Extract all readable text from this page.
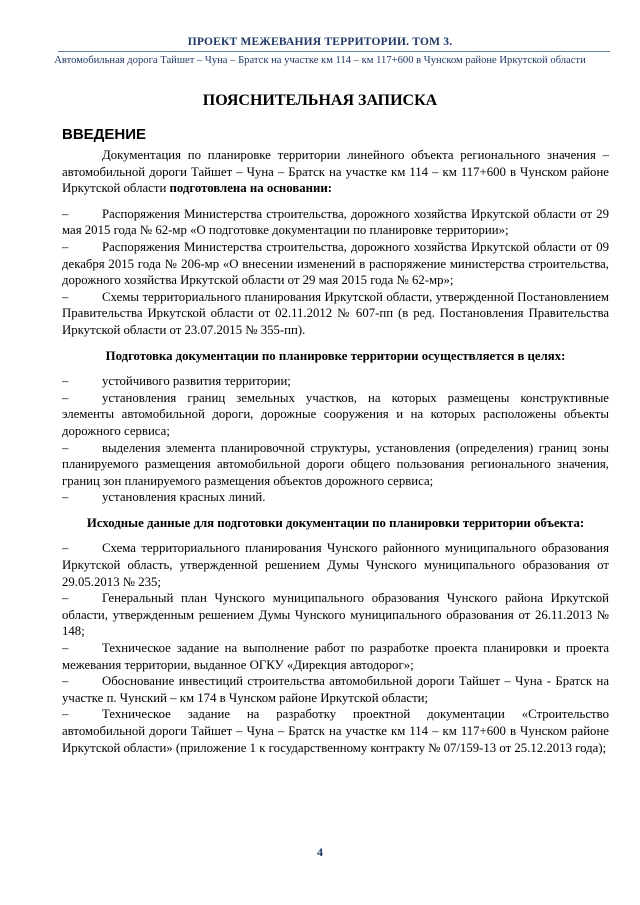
ПРОЕКТ МЕЖЕВАНИЯ ТЕРРИТОРИИ. ТОМ 3.
Автомобильная дорога Тайшет – Чуна – Братск на участке км 114 – км 117+600 в Чунском районе Иркутской области
ПОЯСНИТЕЛЬНАЯ ЗАПИСКА
ВВЕДЕНИЕ

Документация по планировке территории линейного объекта регионального значения – автомобильной дороги Тайшет – Чуна – Братск на участке км 114 – км 117+600 в Чунском районе Иркутской области подготовлена на основании:

–	Распоряжения Министерства строительства, дорожного хозяйства Иркутской области от 29 мая 2015 года № 62-мр «О подготовке документации по планировке территории»;
–	Распоряжения Министерства строительства, дорожного хозяйства Иркутской области от 09 декабря 2015 года № 206-мр «О внесении изменений в распоряжение министерства строительства, дорожного хозяйства Иркутской области от 29 мая 2015 года № 62-мр»;
–	Схемы территориального планирования Иркутской области, утвержденной Постановлением Правительства Иркутской области от 02.11.2012 № 607-пп (в ред. Постановления Правительства Иркутской области от 23.07.2015 № 355-пп).

Подготовка документации по планировке территории осуществляется в целях:

–	устойчивого развития территории;
–	установления границ земельных участков, на которых размещены конструктивные элементы автомобильной дороги, дорожные сооружения и на которых расположены объекты дорожного сервиса;
–	выделения элемента планировочной структуры, установления (определения) границ зоны планируемого размещения автомобильной дороги общего пользования регионального значения, границ зон планируемого размещения объектов дорожного сервиса;
–	установления красных линий.

Исходные данные для подготовки документации по планировки территории объекта:

–	Схема территориального планирования Чунского районного муниципального образования Иркутской область, утвержденной решением Думы Чунского муниципального образования от 29.05.2013 № 235;
–	Генеральный план Чунского муниципального образования Чунского района Иркутской области, утвержденным решением Думы Чунского муниципального образования от 26.11.2013 № 148;
–	Техническое задание на выполнение работ по разработке проекта планировки и проекта межевания территории, выданное ОГКУ «Дирекция автодорог»;
–	Обоснование инвестиций строительства автомобильной дороги Тайшет – Чуна - Братск на участке п. Чунский – км 174 в Чунском районе Иркутской области;
–	Техническое задание на разработку проектной документации «Строительство автомобильной дороги Тайшет – Чуна – Братск на участке км 114 – км 117+600 в Чунском районе Иркутской области» (приложение 1 к государственному контракту № 07/159-13 от 25.12.2013 года);
4
